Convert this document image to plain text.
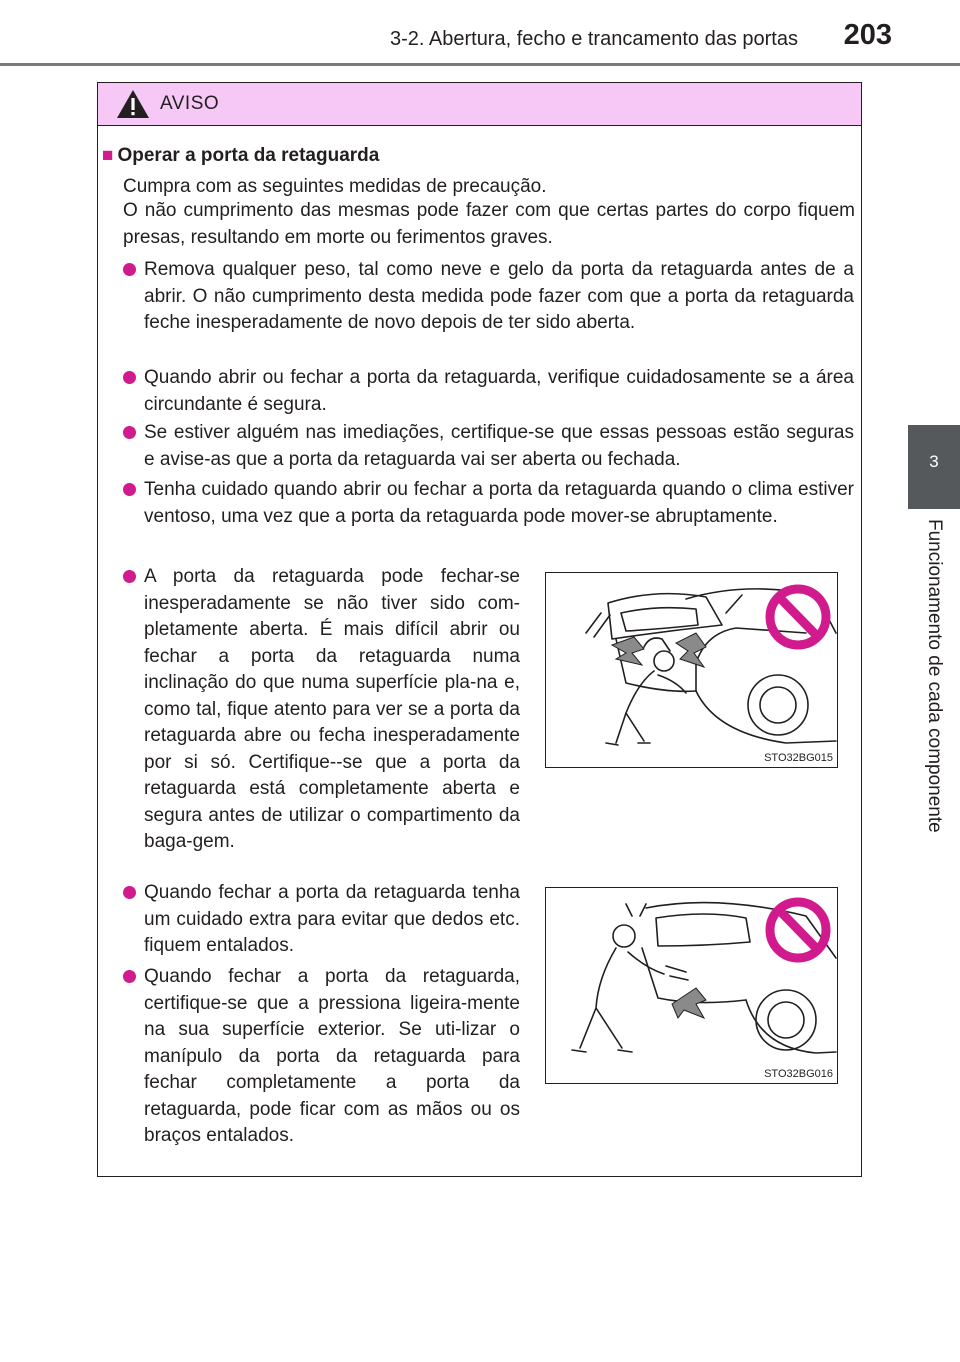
3-2. Abertura, fecho e trancamento das portas 203
3
Funcionamento de cada componente
AVISO
■ Operar a porta da retaguarda
Cumpra com as seguintes medidas de precaução.
O não cumprimento das mesmas pode fazer com que certas partes do corpo fiquem presas, resultando em morte ou ferimentos graves.
Remova qualquer peso, tal como neve e gelo da porta da retaguarda antes de a abrir. O não cumprimento desta medida pode fazer com que a porta da retaguarda feche inesperadamente de novo depois de ter sido aberta.
Quando abrir ou fechar a porta da retaguarda, verifique cuidadosamente se a área circundante é segura.
Se estiver alguém nas imediações, certifique-se que essas pessoas estão seguras e avise-as que a porta da retaguarda vai ser aberta ou fechada.
Tenha cuidado quando abrir ou fechar a porta da retaguarda quando o clima estiver ventoso, uma vez que a porta da retaguarda pode mover-se abruptamente.
A porta da retaguarda pode fechar-se inesperadamente se não tiver sido com-pletamente aberta. É mais difícil abrir ou fechar a porta da retaguarda numa inclinação do que numa superfície pla-na e, como tal, fique atento para ver se a porta da retaguarda abre ou fecha inesperadamente por si só. Certifique--se que a porta da retaguarda está completamente aberta e segura antes de utilizar o compartimento da baga-gem.
Quando fechar a porta da retaguarda tenha um cuidado extra para evitar que dedos etc. fiquem entalados.
Quando fechar a porta da retaguarda, certifique-se que a pressiona ligeira-mente na sua superfície exterior. Se uti-lizar o manípulo da porta da retaguarda para fechar completamente a porta da retaguarda, pode ficar com as mãos ou os braços entalados.
STO32BG015
STO32BG016
